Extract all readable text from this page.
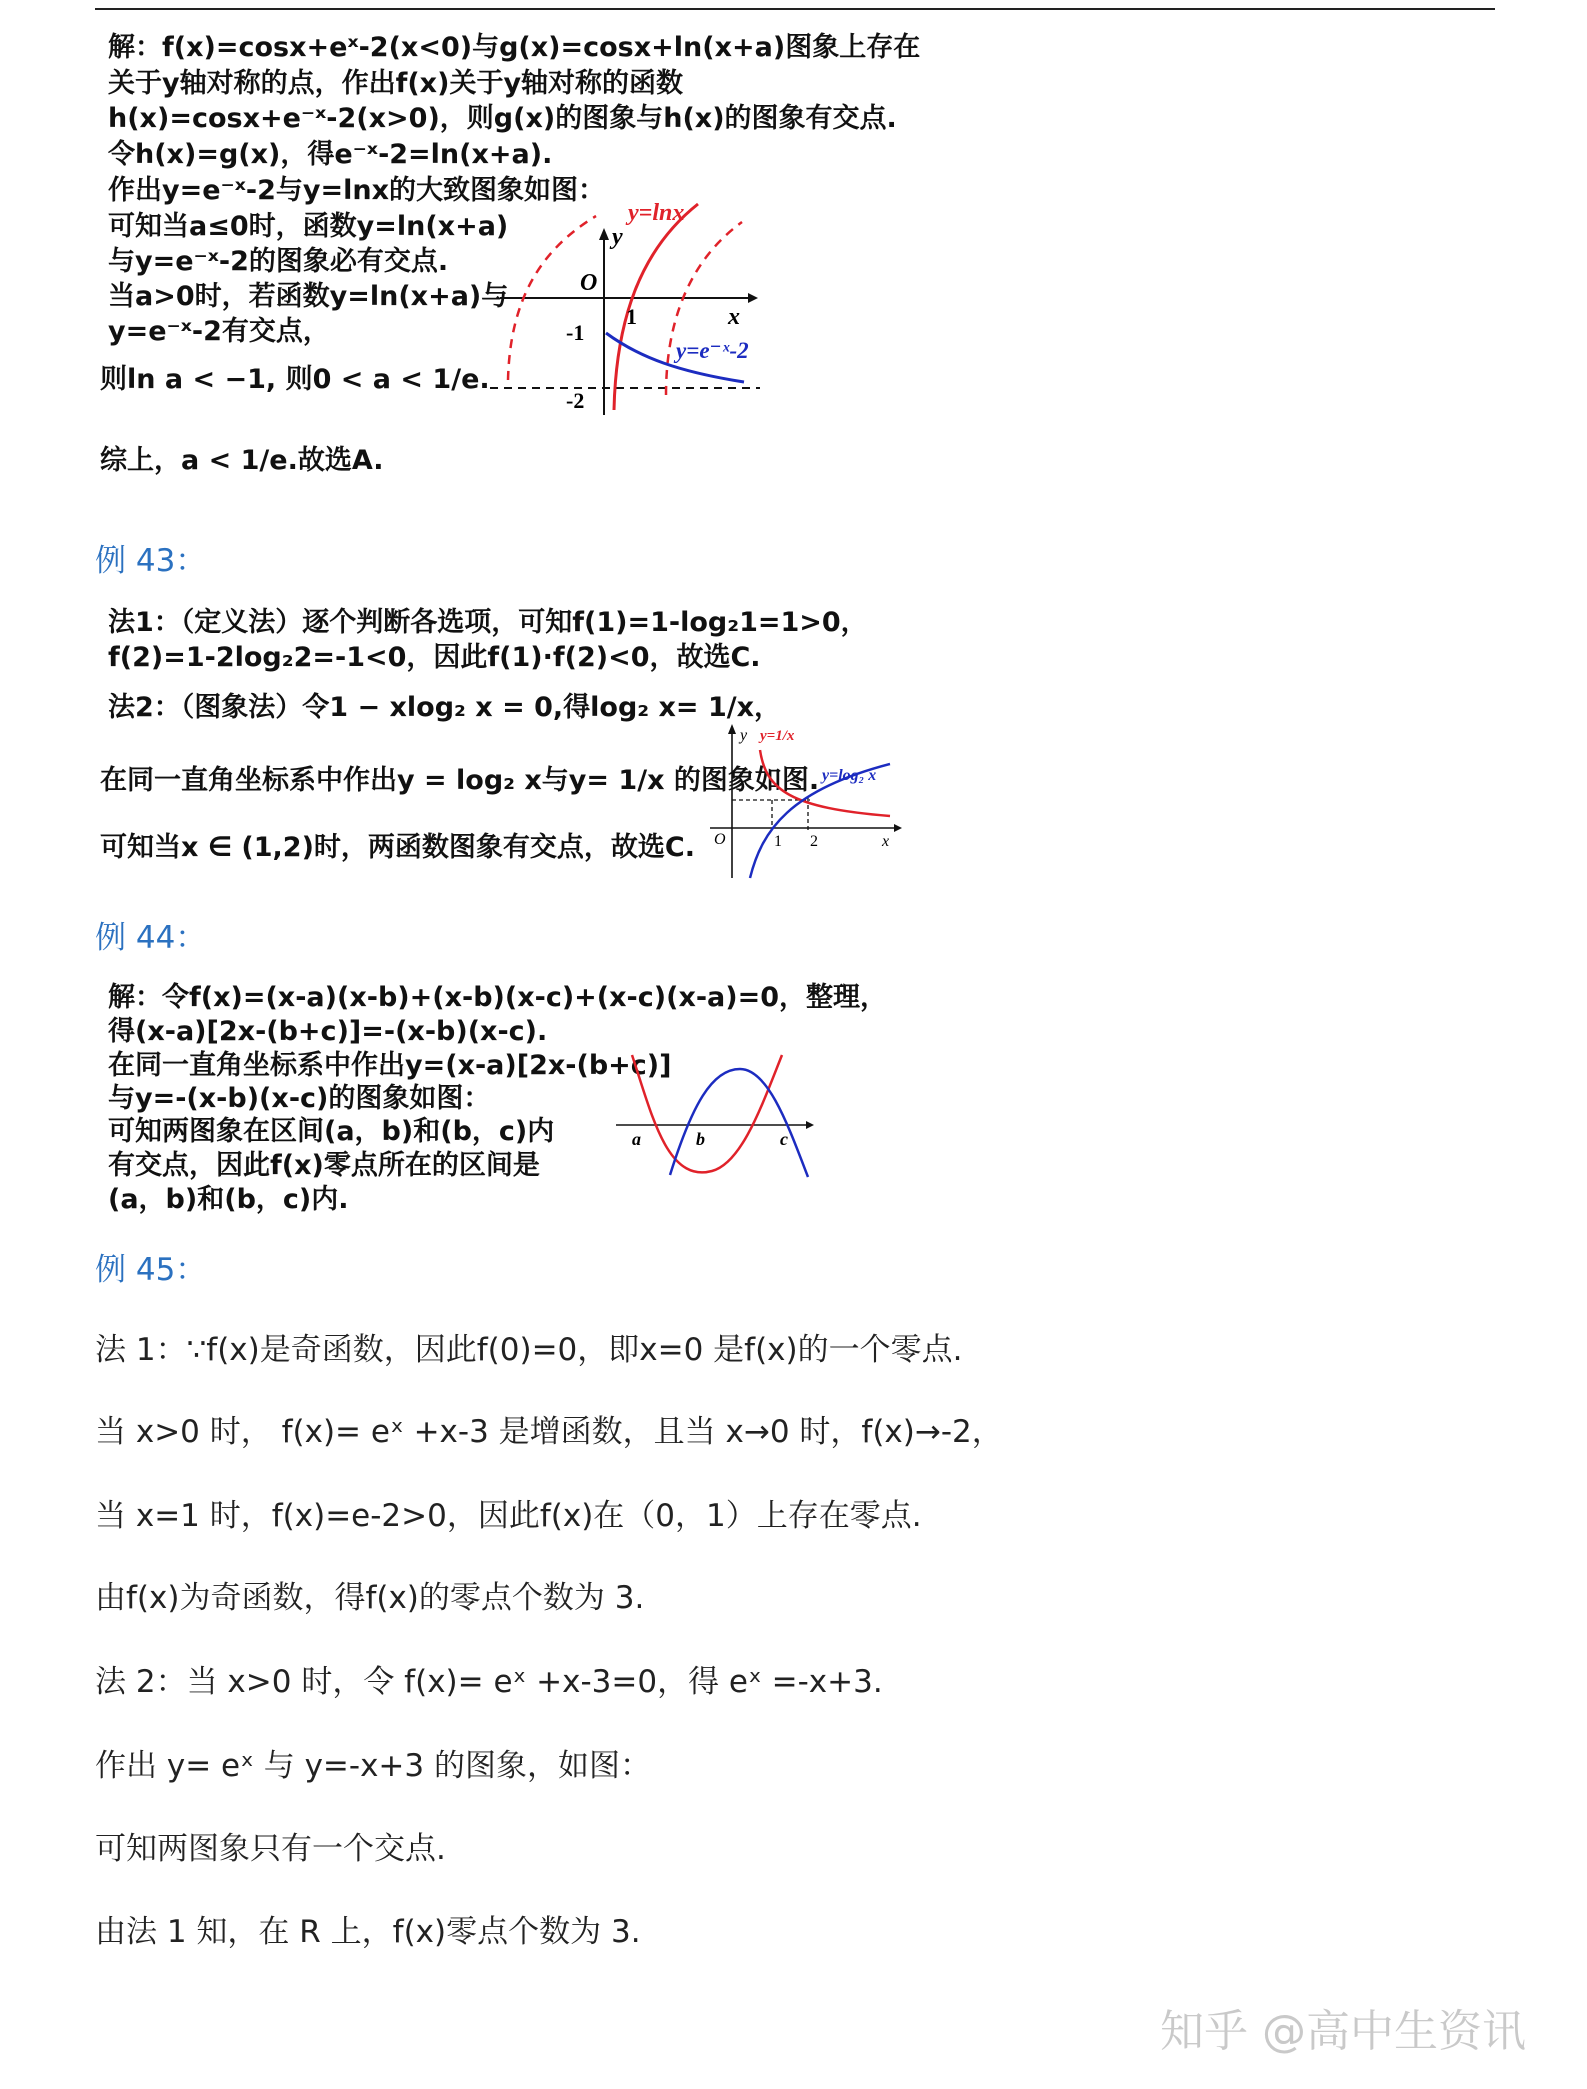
解：f(x)=cosx+eˣ-2(x<0)与g(x)=cosx+ln(x+a)图象上存在
关于y轴对称的点，作出f(x)关于y轴对称的函数
h(x)=cosx+e⁻ˣ-2(x>0)，则g(x)的图象与h(x)的图象有交点.
令h(x)=g(x)，得e⁻ˣ-2=ln(x+a).
作出y=e⁻ˣ-2与y=lnx的大致图象如图：
可知当a≤0时，函数y=ln(x+a)
与y=e⁻ˣ-2的图象必有交点.
当a>0时，若函数y=ln(x+a)与
y=e⁻ˣ-2有交点，
则ln a < −1, 则0 < a < 1/e.
综上，a < 1/e.故选A.
y=lnx
y=e⁻ˣ-2
y
O
x
1
-1
-2
例 43：
法1：（定义法）逐个判断各选项，可知f(1)=1-log₂1=1>0，
f(2)=1-2log₂2=-1<0，因此f(1)·f(2)<0，故选C.
法2：（图象法）令1 − xlog₂ x = 0,得log₂ x= 1/x，
在同一直角坐标系中作出y = log₂ x与y= 1/x 的图象如图.
可知当x ∈ (1,2)时，两函数图象有交点，故选C.
y=1/x
y=log₂ x
y
O	1 2	x
例 44：
解：令f(x)=(x-a)(x-b)+(x-b)(x-c)+(x-c)(x-a)=0，整理，
得(x-a)[2x-(b+c)]=-(x-b)(x-c).
在同一直角坐标系中作出y=(x-a)[2x-(b+c)]
与y=-(x-b)(x-c)的图象如图：
可知两图象在区间(a，b)和(b，c)内
有交点，因此f(x)零点所在的区间是
(a，b)和(b，c)内.
a	b	c
例 45：
法 1：∵f(x)是奇函数，因此f(0)=0，即x=0 是f(x)的一个零点.
当 x>0 时， f(x)= eˣ +x-3 是增函数，且当 x→0 时，f(x)→-2，
当 x=1 时，f(x)=e-2>0，因此f(x)在（0，1）上存在零点.
由f(x)为奇函数，得f(x)的零点个数为 3.
法 2：当 x>0 时，令 f(x)= eˣ +x-3=0，得 eˣ =-x+3.
作出 y= eˣ 与 y=-x+3 的图象，如图：
可知两图象只有一个交点.
由法 1 知，在 R 上，f(x)零点个数为 3.
知乎 @高中生资讯
